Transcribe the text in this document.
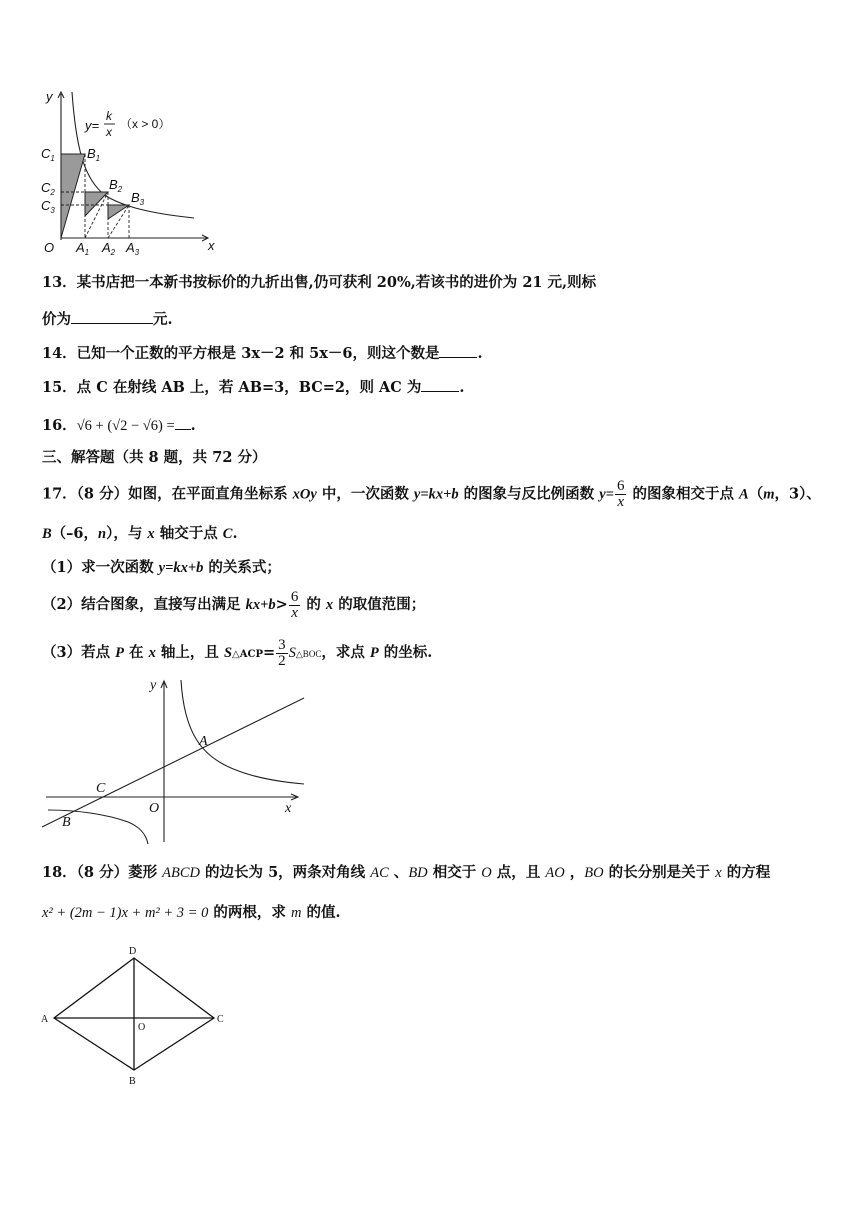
y
x
O
y=
k
x
（x > 0）
$C_1$
$C_2$
$C_3$
$B_1$
$B_2$
$B_3$
$A_1$ $A_2$ $A_3$
13．某书店把一本新书按标价的九折出售,仍可获利 20%,若该书的进价为 21 元,则标
价为	元.
14．已知一个正数的平方根是 3x－2 和 5x－6，则这个数是	.
15．点 C 在射线 AB 上，若 AB=3，BC=2，则 AC 为	.
16．√6 + (√2 − √6) = .
三、解答题（共 8 题，共 72 分）
17．（8 分）如图，在平面直角坐标系 xOy 中，一次函数 y=kx+b 的图象与反比例函数 $y= \frac{6}{x}$ 的图象相交于点 A（m，3）、
B（–6，n），与 x 轴交于点 C.
（1）求一次函数 y=kx+b 的关系式；
（2）结合图象，直接写出满足 $kx+b> \frac{6}{x}$ 的 x 的取值范围；
（3）若点 P 在 x 轴上，且 S△ACP= $\frac{3}{2}$ S△BOC，求点 P 的坐标.
y
x
O
A
B
C
18．（8 分）菱形 ABCD 的边长为 5，两条对角线 AC 、BD 相交于 O 点，且 AO ，BO 的长分别是关于 x 的方程
x² + (2m − 1)x + m² + 3 = 0 的两根，求 m 的值.
A
B
C
D
O
